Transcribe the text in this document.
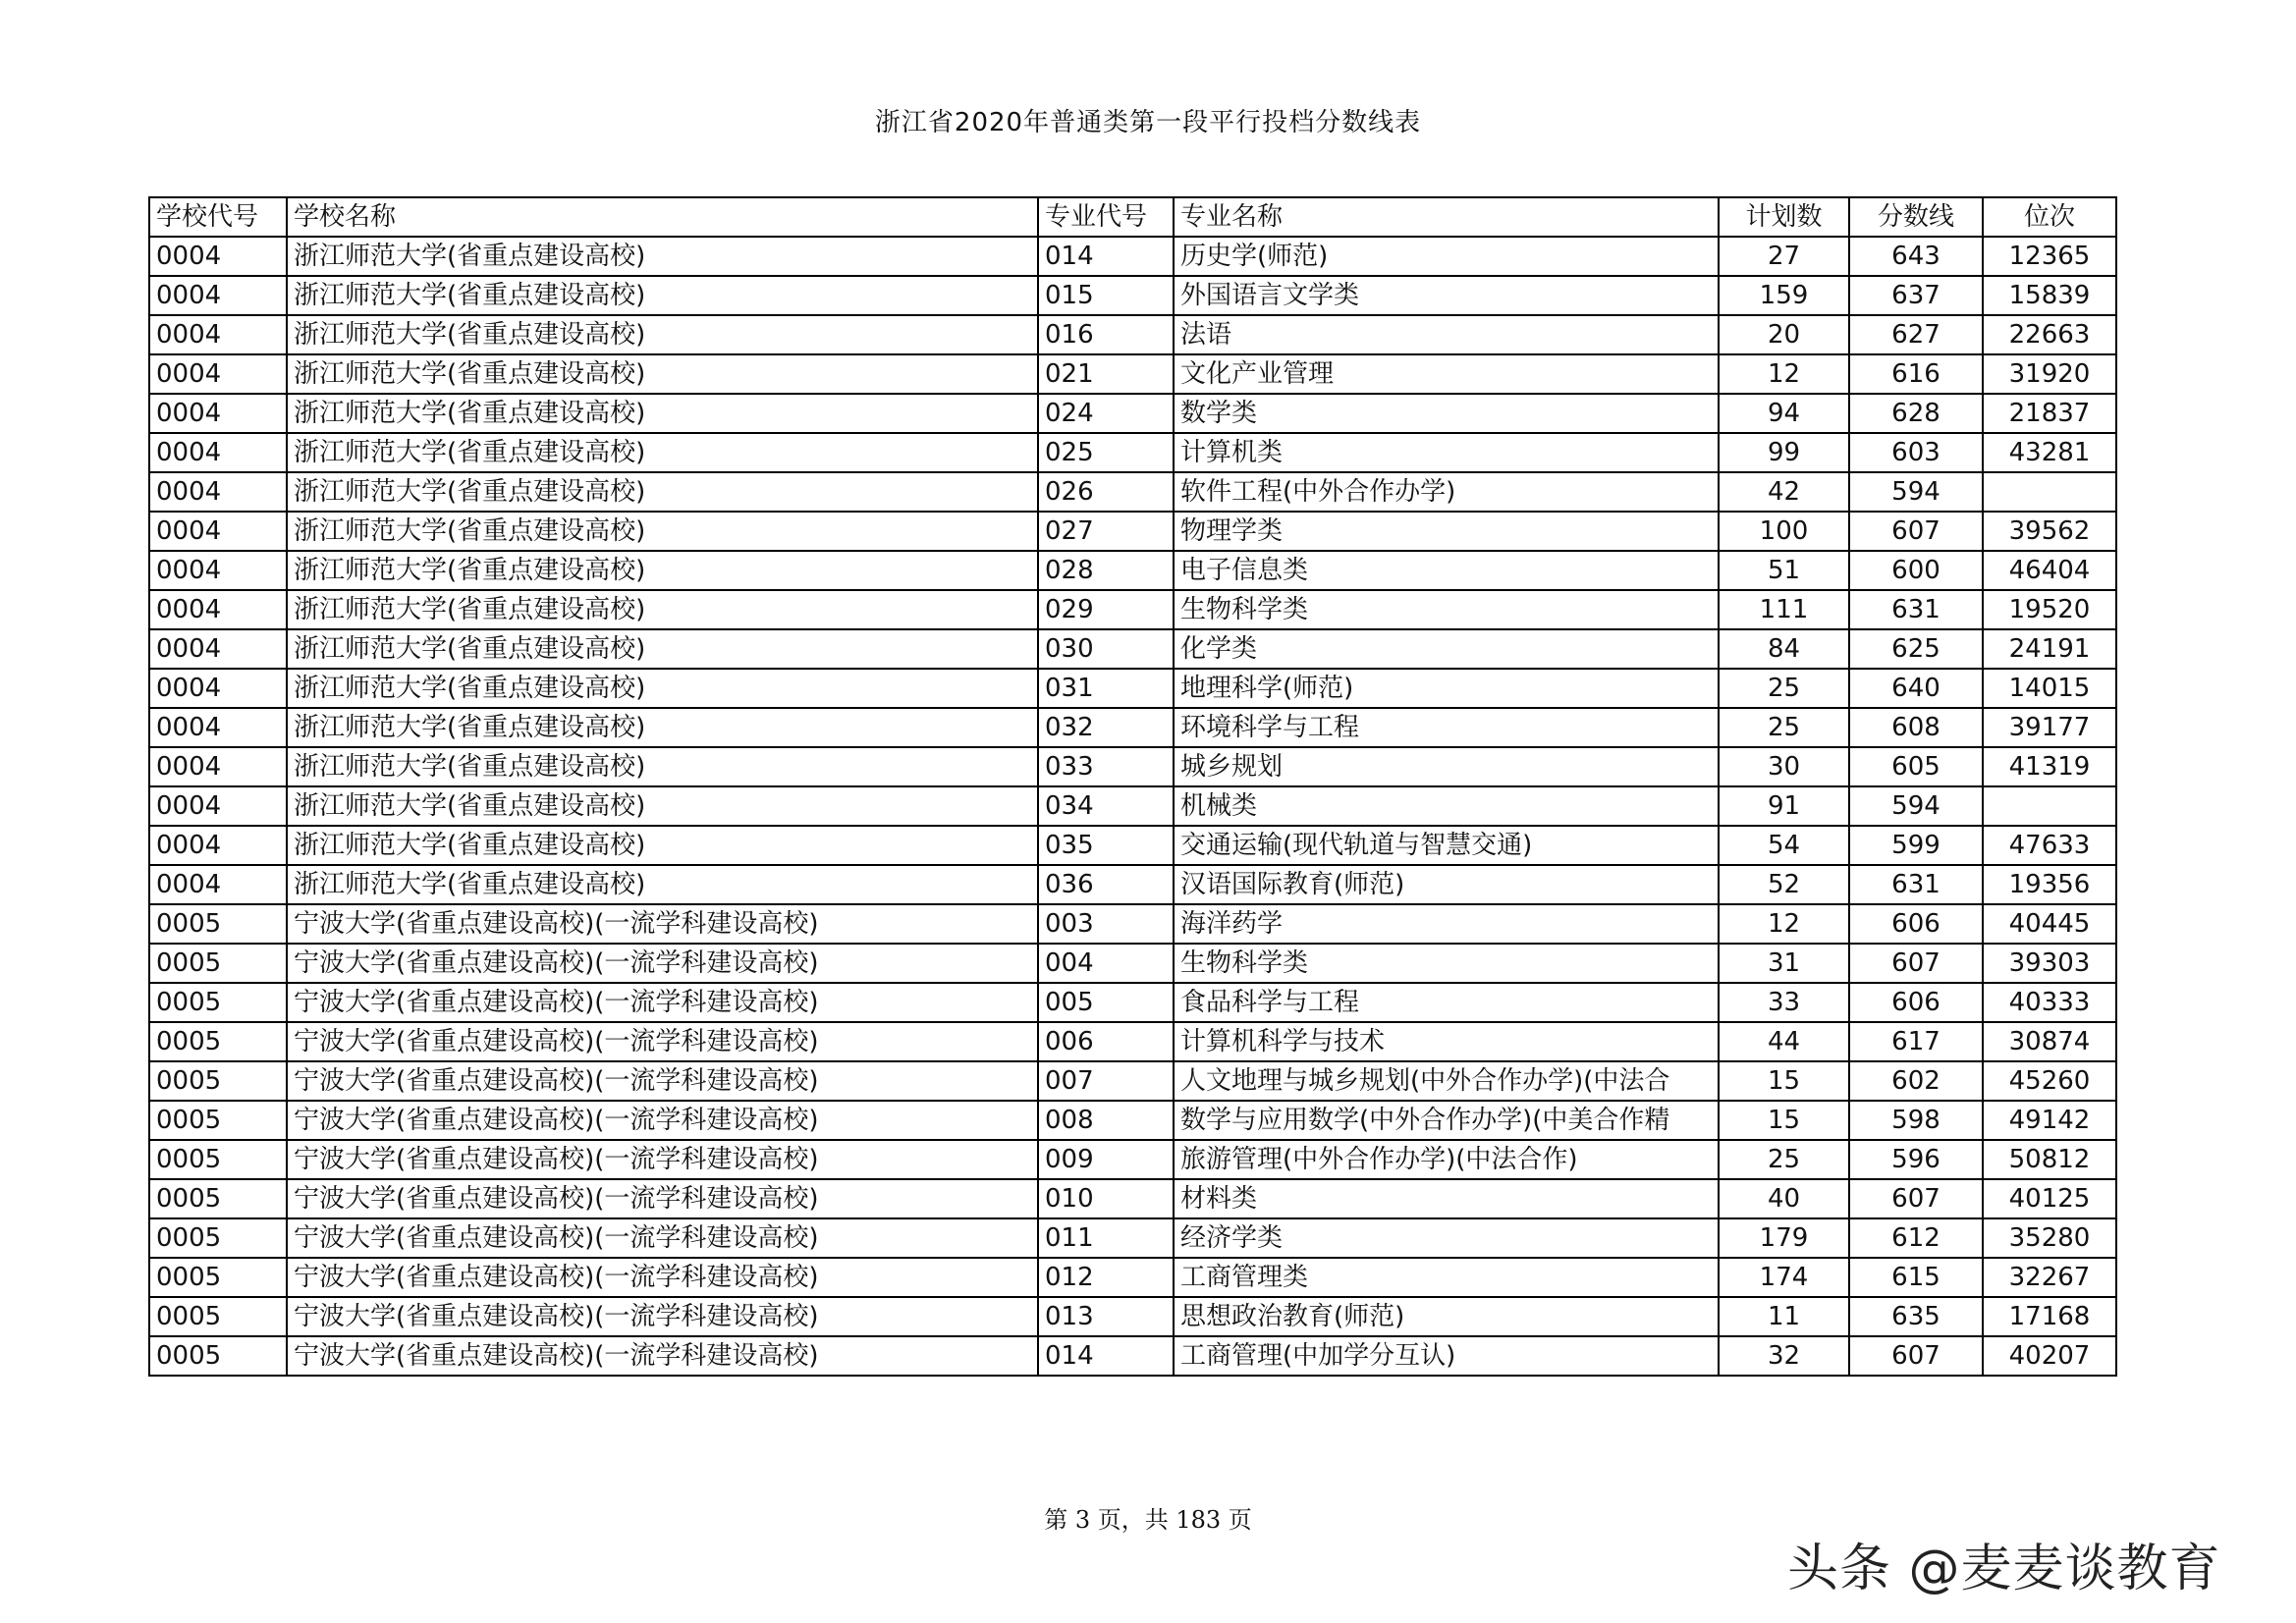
浙江省2020年普通类第一段平行投档分数线表
学校代号	学校名称	专业代号	专业名称	计划数	分数线	位次
0004	浙江师范大学(省重点建设高校)	014	历史学(师范)	27	643	12365
0004	浙江师范大学(省重点建设高校)	015	外国语言文学类	159	637	15839
0004	浙江师范大学(省重点建设高校)	016	法语	20	627	22663
0004	浙江师范大学(省重点建设高校)	021	文化产业管理	12	616	31920
0004	浙江师范大学(省重点建设高校)	024	数学类	94	628	21837
0004	浙江师范大学(省重点建设高校)	025	计算机类	99	603	43281
0004	浙江师范大学(省重点建设高校)	026	软件工程(中外合作办学)	42	594	
0004	浙江师范大学(省重点建设高校)	027	物理学类	100	607	39562
0004	浙江师范大学(省重点建设高校)	028	电子信息类	51	600	46404
0004	浙江师范大学(省重点建设高校)	029	生物科学类	111	631	19520
0004	浙江师范大学(省重点建设高校)	030	化学类	84	625	24191
0004	浙江师范大学(省重点建设高校)	031	地理科学(师范)	25	640	14015
0004	浙江师范大学(省重点建设高校)	032	环境科学与工程	25	608	39177
0004	浙江师范大学(省重点建设高校)	033	城乡规划	30	605	41319
0004	浙江师范大学(省重点建设高校)	034	机械类	91	594	
0004	浙江师范大学(省重点建设高校)	035	交通运输(现代轨道与智慧交通)	54	599	47633
0004	浙江师范大学(省重点建设高校)	036	汉语国际教育(师范)	52	631	19356
0005	宁波大学(省重点建设高校)(一流学科建设高校)	003	海洋药学	12	606	40445
0005	宁波大学(省重点建设高校)(一流学科建设高校)	004	生物科学类	31	607	39303
0005	宁波大学(省重点建设高校)(一流学科建设高校)	005	食品科学与工程	33	606	40333
0005	宁波大学(省重点建设高校)(一流学科建设高校)	006	计算机科学与技术	44	617	30874
0005	宁波大学(省重点建设高校)(一流学科建设高校)	007	人文地理与城乡规划(中外合作办学)(中法合	15	602	45260
0005	宁波大学(省重点建设高校)(一流学科建设高校)	008	数学与应用数学(中外合作办学)(中美合作精	15	598	49142
0005	宁波大学(省重点建设高校)(一流学科建设高校)	009	旅游管理(中外合作办学)(中法合作)	25	596	50812
0005	宁波大学(省重点建设高校)(一流学科建设高校)	010	材料类	40	607	40125
0005	宁波大学(省重点建设高校)(一流学科建设高校)	011	经济学类	179	612	35280
0005	宁波大学(省重点建设高校)(一流学科建设高校)	012	工商管理类	174	615	32267
0005	宁波大学(省重点建设高校)(一流学科建设高校)	013	思想政治教育(师范)	11	635	17168
0005	宁波大学(省重点建设高校)(一流学科建设高校)	014	工商管理(中加学分互认)	32	607	40207
第 3 页，共 183 页
头条 @麦麦谈教育
